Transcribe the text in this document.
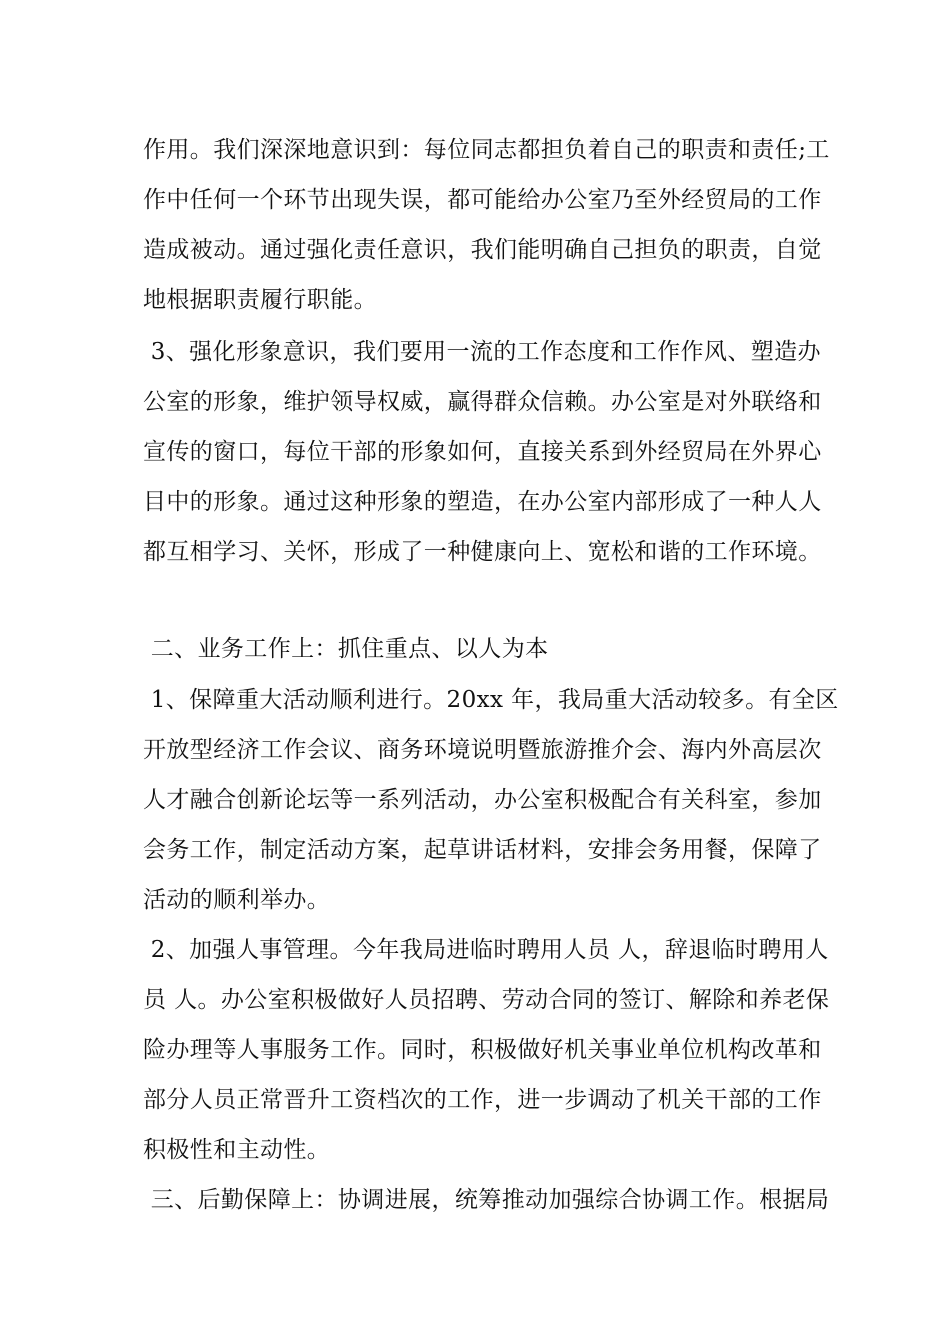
作用。我们深深地意识到：每位同志都担负着自己的职责和责任;工
作中任何一个环节出现失误，都可能给办公室乃至外经贸局的工作
造成被动。通过强化责任意识，我们能明确自己担负的职责，自觉
地根据职责履行职能。
3、强化形象意识，我们要用一流的工作态度和工作作风、塑造办
公室的形象，维护领导权威，赢得群众信赖。办公室是对外联络和
宣传的窗口，每位干部的形象如何，直接关系到外经贸局在外界心
目中的形象。通过这种形象的塑造，在办公室内部形成了一种人人
都互相学习、关怀，形成了一种健康向上、宽松和谐的工作环境。
二、业务工作上：抓住重点、以人为本
1、保障重大活动顺利进行。20xx 年，我局重大活动较多。有全区
开放型经济工作会议、商务环境说明暨旅游推介会、海内外高层次
人才融合创新论坛等一系列活动，办公室积极配合有关科室，参加
会务工作，制定活动方案，起草讲话材料，安排会务用餐，保障了
活动的顺利举办。
2、加强人事管理。今年我局进临时聘用人员 人，辞退临时聘用人
员 人。办公室积极做好人员招聘、劳动合同的签订、解除和养老保
险办理等人事服务工作。同时，积极做好机关事业单位机构改革和
部分人员正常晋升工资档次的工作，进一步调动了机关干部的工作
积极性和主动性。
三、后勤保障上：协调进展，统筹推动加强综合协调工作。根据局
